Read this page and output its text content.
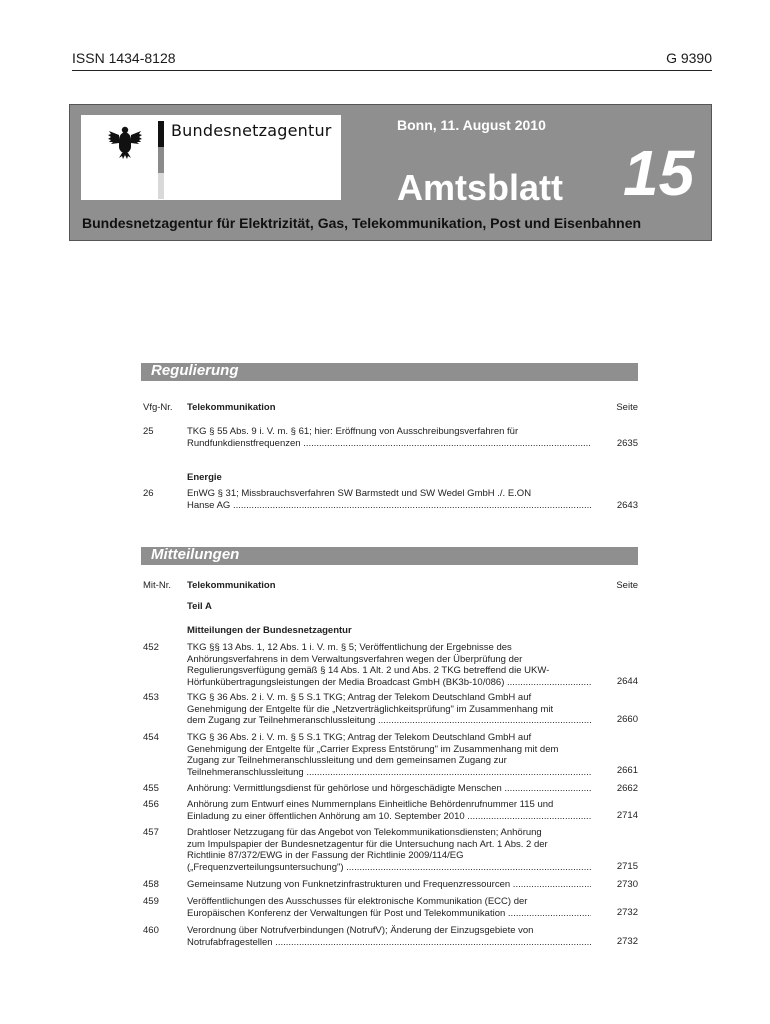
ISSN 1434-8128	G 9390
Bundesnetzagentur	Bonn, 11. August 2010
Amtsblatt 15
Bundesnetzagentur für Elektrizität, Gas, Telekommunikation, Post und Eisenbahnen
Regulierung
Vfg-Nr. Telekommunikation	Seite
25	TKG § 55 Abs. 9 i. V. m. § 61; hier: Eröffnung von Ausschreibungsverfahren für
Rundfunkdienstfrequenzen .....	2635
Energie
26	EnWG § 31; Missbrauchsverfahren SW Barmstedt und SW Wedel GmbH ./. E.ON
Hanse AG .....	2643
Mitteilungen
Mit-Nr. Telekommunikation	Seite
Teil A
Mitteilungen der Bundesnetzagentur
452	TKG §§ 13 Abs. 1, 12 Abs. 1 i. V. m. § 5; Veröffentlichung der Ergebnisse des
Anhörungsverfahrens in dem Verwaltungsverfahren wegen der Überprüfung der
Regulierungsverfügung gemäß § 14 Abs. 1 Alt. 2 und Abs. 2 TKG betreffend die UKW-
Hörfunkübertragungsleistungen der Media Broadcast GmbH (BK3b-10/086) .....	2644
453	TKG § 36 Abs. 2 i. V. m. § 5 S.1 TKG; Antrag der Telekom Deutschland GmbH auf
Genehmigung der Entgelte für die „Netzverträglichkeitsprüfung" im Zusammenhang mit
dem Zugang zur Teilnehmeranschlussleitung .....	2660
454	TKG § 36 Abs. 2 i. V. m. § 5 S.1 TKG; Antrag der Telekom Deutschland GmbH auf
Genehmigung der Entgelte für „Carrier Express Entstörung" im Zusammenhang mit dem
Zugang zur Teilnehmeranschlussleitung und dem gemeinsamen Zugang zur
Teilnehmeranschlussleitung .....	2661
455	Anhörung: Vermittlungsdienst für gehörlose und hörgeschädigte Menschen .....	2662
456	Anhörung zum Entwurf eines Nummernplans Einheitliche Behördenrufnummer 115 und
Einladung zu einer öffentlichen Anhörung am 10. September 2010 .....	2714
457	Drahtloser Netzzugang für das Angebot von Telekommunikationsdiensten; Anhörung
zum Impulspapier der Bundesnetzagentur für die Untersuchung nach Art. 1 Abs. 2 der
Richtlinie 87/372/EWG in der Fassung der Richtlinie 2009/114/EG
(„Frequenzverteilungsuntersuchung") .....	2715
458	Gemeinsame Nutzung von Funknetzinfrastrukturen und Frequenzressourcen .....	2730
459	Veröffentlichungen des Ausschusses für elektronische Kommunikation (ECC) der
Europäischen Konferenz der Verwaltungen für Post und Telekommunikation .....	2732
460	Verordnung über Notrufverbindungen (NotrufV); Änderung der Einzugsgebiete von
Notrufabfragestellen .....	2732
